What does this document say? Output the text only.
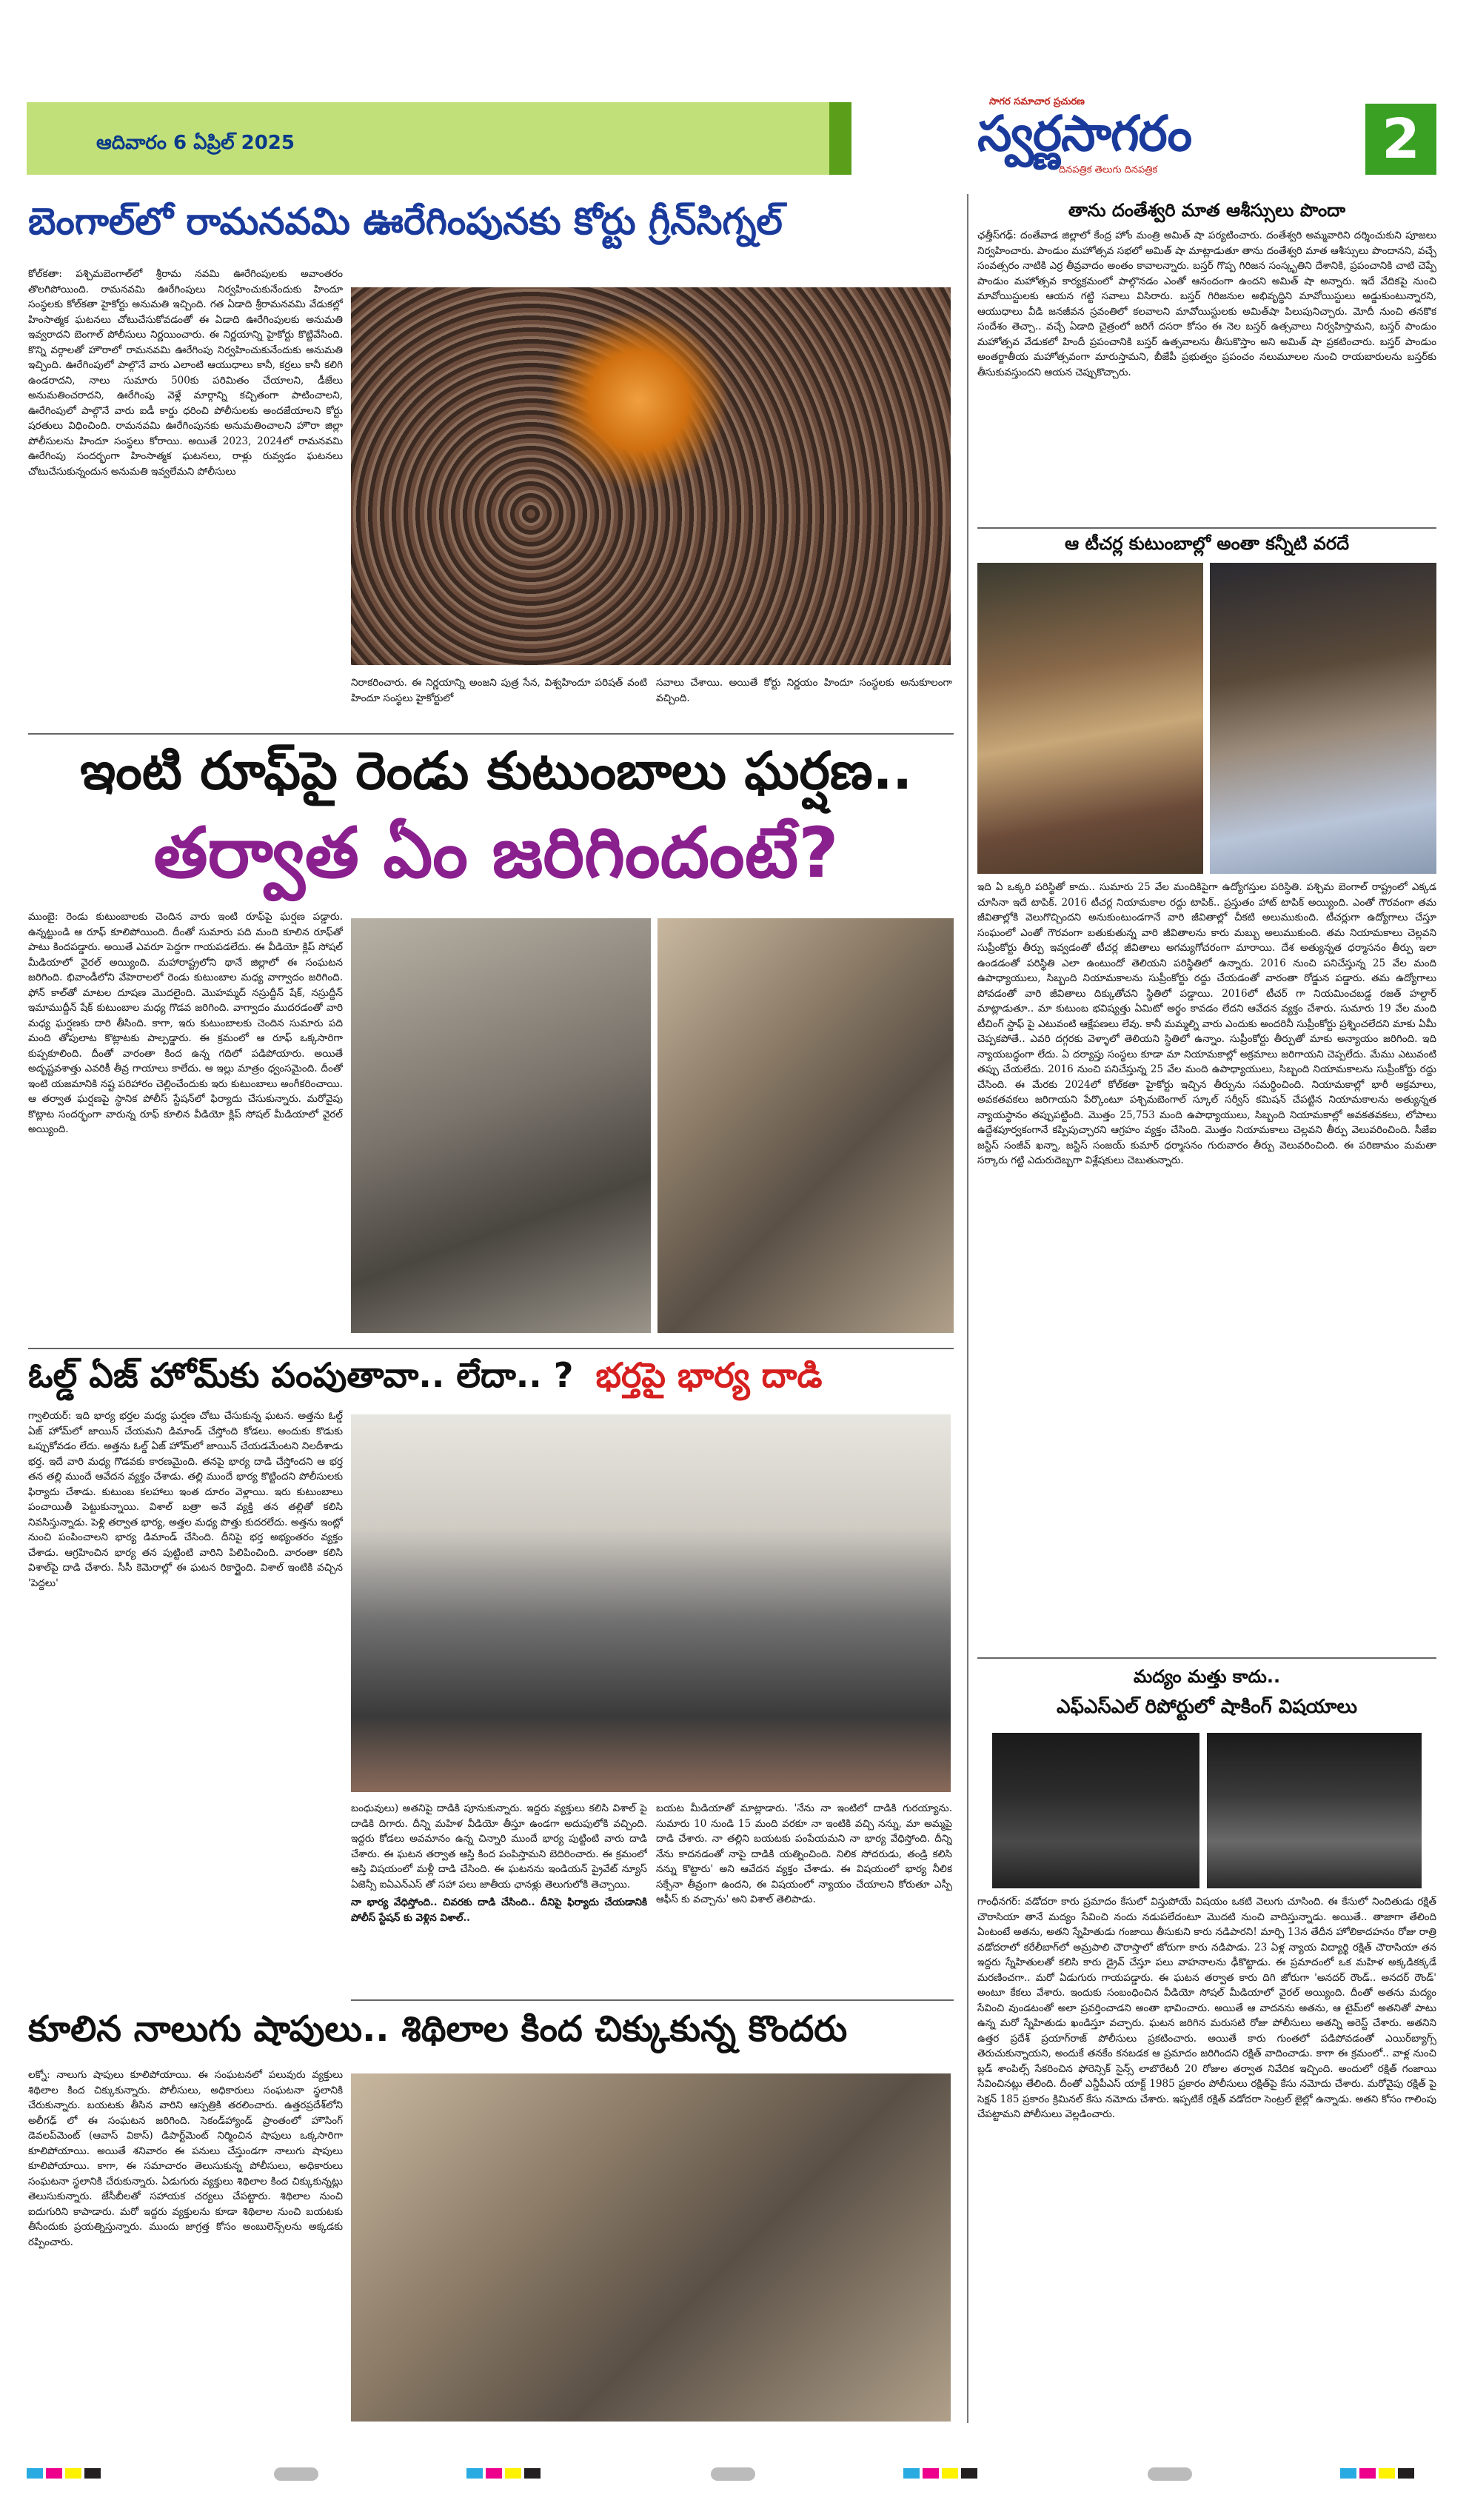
ఆదివారం 6 ఏప్రిల్ 2025
సాగర సమాచార ప్రచురణ
స్వర్ణసాగరం
దినపత్రిక తెలుగు దినపత్రిక	2
బెంగాల్‌లో రామనవమి ఊరేగింపునకు కోర్టు గ్రీన్‌సిగ్నల్
కోల్‌కతా: పశ్చిమబెంగాల్‌లో శ్రీరామ నవమి ఊరేగింపులకు అవాంతరం తొలగిపోయింది. రామనవమి ఊరేగింపులు నిర్వహించుకునేందుకు హిందూ సంస్థలకు కోల్‌కతా హైకోర్టు అనుమతి ఇచ్చింది. గత ఏడాది శ్రీరామనవమి వేడుకల్లో హింసాత్మక ఘటనలు చోటుచేసుకోవడంతో ఈ ఏడాది ఊరేగింపులకు అనుమతి ఇవ్వరాదని బెంగాల్ పోలీసులు నిర్ణయించారు. ఈ నిర్ణయాన్ని హైకోర్టు కొట్టివేసింది. కొన్ని వర్గాలతో హౌరాలో రామనవమి ఊరేగింపు నిర్వహించుకునేందుకు అనుమతి ఇచ్చింది. ఊరేగింపులో పాల్గొనే వారు ఎలాంటి ఆయుధాలు కానీ, కర్రలు కానీ కలిగి ఉండరాదని, నాలు సుమారు 500కు పరిమితం చేయాలని, డీజేలు అనుమతించరాదని, ఊరేగింపు వెళ్లే మార్గాన్ని కచ్చితంగా పాటించాలని, ఊరేగింపులో పాల్గొనే వారు ఐడీ కార్డు ధరించి పోలీసులకు అందజేయాలని కోర్టు షరతులు విధించింది. రామనవమి ఊరేగింపునకు అనుమతించాలని హౌరా జిల్లా పోలీసులను హిందూ సంస్థలు కోరాయి. అయితే 2023, 2024లో రామనవమి ఊరేగింపు సందర్భంగా హింసాత్మక ఘటనలు, రాళ్లు రువ్వడం ఘటనలు చోటుచేసుకున్నందున అనుమతి ఇవ్వలేమని పోలీసులు
నిరాకరించారు. ఈ నిర్ణయాన్ని అంజని పుత్ర సేన, విశ్వహిందూ పరిషత్ వంటి హిందూ సంస్థలు హైకోర్టులో
సవాలు చేశాయి. అయితే కోర్టు నిర్ణయం హిందూ సంస్థలకు అనుకూలంగా వచ్చింది.
ఇంటి రూఫ్‌పై రెండు కుటుంబాలు ఘర్షణ..
తర్వాత ఏం జరిగిందంటే?
ముంబై: రెండు కుటుంబాలకు చెందిన వారు ఇంటి రూఫ్‌పై ఘర్షణ పడ్డారు. ఉన్నట్టుండి ఆ రూఫ్ కూలిపోయింది. దీంతో సుమారు పది మంది కూలిన రూఫ్‌తో పాటు కిందపడ్డారు. అయితే ఎవరూ పెద్దగా గాయపడలేదు. ఈ వీడియో క్లిప్ సోషల్ మీడియాలో వైరల్ అయ్యింది. మహారాష్ట్రలోని థానే జిల్లాలో ఈ సంఘటన జరిగింది. భివాండీలోని వేహెరాలలో రెండు కుటుంబాల మధ్య వాగ్వాదం జరిగింది. ఫోన్ కాల్‌తో మాటల దూషణ మొదలైంది. మొహమ్మద్ నస్రుద్దీన్ షేక్, నస్రుద్దీన్ ఇమాముద్దీన్ షేక్ కుటుంబాల మధ్య గొడవ జరిగింది. వాగ్వాదం ముదరడంతో వారి మధ్య ఘర్షణకు దారి తీసింది. కాగా, ఇరు కుటుంబాలకు చెందిన సుమారు పది మంది తోపులాట కొట్లాటకు పాల్పడ్డారు. ఈ క్రమంలో ఆ రూఫ్ ఒక్కసారిగా కుప్పకూలింది. దీంతో వారంతా కింద ఉన్న గదిలో పడిపోయారు. అయితే అదృష్టవశాత్తు ఎవరికీ తీవ్ర గాయాలు కాలేదు. ఆ ఇల్లు మాత్రం ధ్వంసమైంది. దీంతో ఇంటి యజమానికి నష్ట పరిహారం చెల్లించేందుకు ఇరు కుటుంబాలు అంగీకరించాయి. ఆ తర్వాత ఘర్షణపై స్థానిక పోలీస్ స్టేషన్‌లో ఫిర్యాదు చేసుకున్నారు. మరోవైపు కొట్లాట సందర్భంగా వారున్న రూఫ్ కూలిన వీడియో క్లిప్ సోషల్ మీడియాలో వైరల్ అయ్యింది.
ఓల్డ్ ఏజ్ హోమ్‌కు పంపుతావా.. లేదా.. ? భర్తపై భార్య దాడి
గ్వాలియర్: ఇది భార్య భర్తల మధ్య ఘర్షణ చోటు చేసుకున్న ఘటన. అత్తను ఓల్డ్ ఏజ్ హోమ్‌లో జాయిన్ చేయమని డిమాండ్ చేస్తోంది కోడలు. అందుకు కొడుకు ఒప్పుకోవడం లేదు. అత్తను ఓల్డ్ ఏజ్ హోమ్‌లో జాయిన్ చేయడమేంటని నిలదీశాడు భర్త. ఇదే వారి మధ్య గొడవకు కారణమైంది. తనపై భార్య దాడి చేస్తోందని ఆ భర్త తన తల్లి ముందే ఆవేదన వ్యక్తం చేశాడు. తల్లి ముందే భార్య కొట్టిందని పోలీసులకు ఫిర్యాదు చేశాడు. కుటుంబ కలహాలు ఇంత దూరం వెళ్లాయి. ఇరు కుటుంబాలు పంచాయితీ పెట్టుకున్నాయి. విశాల్ బత్రా అనే వ్యక్తి తన తల్లితో కలిసి నివసిస్తున్నాడు. పెళ్లి తర్వాత భార్య, అత్తల మధ్య పొత్తు కుదరలేదు. అత్తను ఇంట్లో నుంచి పంపించాలని భార్య డిమాండ్ చేసింది. దీనిపై భర్త అభ్యంతరం వ్యక్తం చేశాడు. ఆగ్రహించిన భార్య తన పుట్టింటి వారిని పిలిపించింది. వారంతా కలిసి విశాల్‌పై దాడి చేశారు. సీసీ కెమెరాల్లో ఈ ఘటన రికార్డైంది. విశాల్ ఇంటికి వచ్చిన 'పెద్దలు'
బంధువులు) అతనిపై దాడికి పూనుకున్నారు. ఇద్దరు వ్యక్తులు కలిసి విశాల్ పై దాడికి దిగారు. దీన్ని మహిళ వీడియో తీస్తూ ఉండగా అదుపులోకి వచ్చింది. ఇద్దరు కోడలు అవమానం ఉన్న చిన్నారి ముందే భార్య పుట్టింటి వారు దాడి చేశారు. ఈ ఘటన తర్వాత ఆస్తి కింద పంపిస్తామని బెదిరించారు. ఈ క్రమంలో ఆస్తి విషయంలో మళ్లీ దాడి చేసింది. ఈ ఘటనను ఇండియన్ ప్రైవేట్ న్యూస్ ఏజెన్సీ ఐఏఎన్ఎస్ తో సహా పలు జాతీయ ఛానళ్లు తెలుగులోకి తెచ్చాయి.
నా భార్య వేధిస్తోంది.. చివరకు దాడి చేసింది.. దీనిపై ఫిర్యాదు చేయడానికి పోలీస్ స్టేషన్ కు వెళ్లిన విశాల్..
బయట మీడియాతో మాట్లాడారు. 'నేను నా ఇంటిలో దాడికి గురయ్యాను. సుమారు 10 నుండి 15 మంది వరకూ నా ఇంటికి వచ్చి నన్ను, మా అమ్మపై దాడి చేశారు. నా తల్లిని బయటకు పంపేయమని నా భార్య వేధిస్తోంది. దీన్ని నేను కాదనడంతో నాపై దాడికి యత్నించింది. నిలిక సోదరుడు, తండ్రి కలిసి నన్ను కొట్టారు' అని ఆవేదన వ్యక్తం చేశాడు. ఈ విషయంలో భార్య నీలిక సక్సేనా తీవ్రంగా ఉందని, ఈ విషయంలో న్యాయం చేయాలని కోరుతూ ఎస్పీ ఆఫీస్ కు వచ్చాను' అని విశాల్ తెలిపాడు.
కూలిన నాలుగు షాపులు.. శిథిలాల కింద చిక్కుకున్న కొందరు
లక్నో: నాలుగు షాపులు కూలిపోయాయి. ఈ సంఘటనలో పలువురు వ్యక్తులు శిథిలాల కింద చిక్కుకున్నారు. పోలీసులు, అధికారులు సంఘటనా స్థలానికి చేరుకున్నారు. బయటకు తీసిన వారిని ఆస్పత్రికి తరలించారు. ఉత్తరప్రదేశ్‌లోని అలీగఢ్ లో ఈ సంఘటన జరిగింది. సెకండ్‌హ్యాండ్ ప్రాంతంలో హౌసింగ్ డెవలప్‌మెంట్ (ఆవాస్ వికాస్) డిపార్ట్‌మెంట్ నిర్మించిన షాపులు ఒక్కసారిగా కూలిపోయాయి. అయితే శనివారం ఈ పనులు చేస్తుండగా నాలుగు షాపులు కూలిపోయాయి. కాగా, ఈ సమాచారం తెలుసుకున్న పోలీసులు, అధికారులు సంఘటనా స్థలానికి చేరుకున్నారు. ఏడుగురు వ్యక్తులు శిథిలాల కింద చిక్కుకున్నట్లు తెలుసుకున్నారు. జేసీబీలతో సహాయక చర్యలు చేపట్టారు. శిథిలాల నుంచి ఐదుగురిని కాపాడారు. మరో ఇద్దరు వ్యక్తులను కూడా శిథిలాల నుంచి బయటకు తీసేందుకు ప్రయత్నిస్తున్నారు. ముందు జాగ్రత్త కోసం అంబులెన్స్‌లను అక్కడకు రప్పించారు.
తాను దంతేశ్వరి మాత ఆశీస్సులు పొందా
ఛత్తీస్‌గఢ్: దంతేవాడ జిల్లాలో కేంద్ర హోం మంత్రి అమిత్ షా పర్యటించారు. దంతేశ్వరి అమ్మవారిని దర్శించుకుని పూజలు నిర్వహించారు. పాండుం మహోత్సవ సభలో అమిత్ షా మాట్లాడుతూ తాను దంతేశ్వరి మాత ఆశీస్సులు పొందానని, వచ్చే సంవత్సరం నాటికి ఎర్ర తీవ్రవాదం అంతం కావాలన్నారు. బస్తర్ గొప్ప గిరిజన సంస్కృతిని దేశానికి, ప్రపంచానికి చాటి చెప్పే పాండుం మహోత్సవ కార్యక్రమంలో పాల్గొనడం ఎంతో ఆనందంగా ఉందని అమిత్ షా అన్నారు. ఇదే వేదికపై నుంచి మావోయిస్టులకు ఆయన గట్టి సవాలు విసిరారు. బస్తర్ గిరిజనుల అభివృద్ధిని మావోయిస్టులు అడ్డుకుంటున్నారని, ఆయుధాలు వీడి జనజీవన స్రవంతిలో కలవాలని మావోయిస్టులకు అమిత్‌షా పిలుపునిచ్చారు. మోదీ నుంచి తనకొక సందేశం తెచ్చా.. వచ్చే ఏడాది చైత్రంలో జరిగే దసరా కోసం ఈ నెల బస్తర్ ఉత్సవాలు నిర్వహిస్తామని, బస్తర్ పాండుం మహోత్సవ వేడుకలో హిందీ ప్రపంచానికి బస్తర్ ఉత్సవాలను తీసుకొస్తాం అని అమిత్ షా ప్రకటించారు. బస్తర్ పాండుం అంతర్జాతీయ మహోత్సవంగా మారుస్తామని, బీజేపీ ప్రభుత్వం ప్రపంచం నలుమూలల నుంచి రాయబారులను బస్తర్‌కు తీసుకువస్తుందని ఆయన చెప్పుకొచ్చారు.
ఆ టీచర్ల కుటుంబాల్లో అంతా కన్నీటి వరదే
ఇది ఏ ఒక్కరి పరిస్థితో కాదు.. సుమారు 25 వేల మందికిపైగా ఉద్యోగస్తుల పరిస్థితి. పశ్చిమ బెంగాల్ రాష్ట్రంలో ఎక్కడ చూసినా ఇదే టాపిక్. 2016 టీచర్ల నియామకాల రద్దు టాపిక్.. ప్రస్తుతం హాట్ టాపిక్ అయ్యింది. ఎంతో గౌరవంగా తమ జీవితాల్లోకి వెలుగొచ్చిందని అనుకుంటుండగానే వారి జీవితాల్లో చీకటి అలుముకుంది. టీచర్లుగా ఉద్యోగాలు చేస్తూ సంఘంలో ఎంతో గౌరవంగా బతుకుతున్న వారి జీవితాలను కారు మబ్బు అలుముకుంది. తమ నియామకాలు చెల్లవని సుప్రీంకోర్టు తీర్పు ఇవ్వడంతో టీచర్ల జీవితాలు అగమ్యగోచరంగా మారాయి. దేశ అత్యున్నత ధర్మాసనం తీర్పు ఇలా ఉండడంతో పరిస్థితి ఎలా ఉంటుందో తెలియని పరిస్థితిలో ఉన్నారు. 2016 నుంచి పనిచేస్తున్న 25 వేల మంది ఉపాధ్యాయులు, సిబ్బంది నియామకాలను సుప్రీంకోర్టు రద్దు చేయడంతో వారంతా రోడ్డున పడ్డారు. తమ ఉద్యోగాలు పోవడంతో వారి జీవితాలు దిక్కుతోచని స్థితిలో పడ్డాయి. 2016లో టీచర్ గా నియమించబడ్డ రజత్ హల్దార్ మాట్లాడుతూ.. మా కుటుంబ భవిష్యత్తు ఏమిటో అర్థం కావడం లేదని ఆవేదన వ్యక్తం చేశారు. సుమారు 19 వేల మంది టీచింగ్ స్టాఫ్ పై ఎటువంటి ఆక్షేపణలు లేవు. కానీ మమ్మల్ని వారు ఎందుకు అందరినీ సుప్రీంకోర్టు ప్రశ్నించలేదని మాకు ఏమీ చెప్పకపోతే.. ఎవరి దగ్గరకు వెళ్ళాలో తెలియని స్థితిలో ఉన్నాం. సుప్రీంకోర్టు తీర్పుతో మాకు అన్యాయం జరిగింది. ఇది న్యాయబద్ధంగా లేదు. ఏ దర్యాప్తు సంస్థలు కూడా మా నియామకాల్లో అక్రమాలు జరిగాయని చెప్పలేదు. మేము ఎటువంటి తప్పు చేయలేదు. 2016 నుంచి పనిచేస్తున్న 25 వేల మంది ఉపాధ్యాయులు, సిబ్బంది నియామకాలను సుప్రీంకోర్టు రద్దు చేసింది. ఈ మేరకు 2024లో కోల్‌కతా హైకోర్టు ఇచ్చిన తీర్పును సమర్థించింది. నియామకాల్లో భారీ అక్రమాలు, అవకతవకలు జరిగాయని పేర్కొంటూ పశ్చిమబెంగాల్ స్కూల్ సర్వీస్ కమిషన్ చేపట్టిన నియామకాలను అత్యున్నత న్యాయస్థానం తప్పుపట్టింది. మొత్తం 25,753 మంది ఉపాధ్యాయులు, సిబ్బంది నియామకాల్లో అవకతవకలు, లోపాలు ఉద్దేశపూర్వకంగానే కప్పిపుచ్చారని ఆగ్రహం వ్యక్తం చేసింది. మొత్తం నియామకాలు చెల్లవని తీర్పు వెలువరించింది. సీజేఐ జస్టిస్ సంజీవ్ ఖన్నా, జస్టిస్ సంజయ్ కుమార్ ధర్మాసనం గురువారం తీర్పు వెలువరించింది. ఈ పరిణామం మమతా సర్కారు గట్టి ఎదురుదెబ్బగా విశ్లేషకులు చెబుతున్నారు.
మద్యం మత్తు కాదు..
ఎఫ్ఎస్ఎల్ రిపోర్టులో షాకింగ్ విషయాలు
గాంధీనగర్: వడోదరా కారు ప్రమాదం కేసులో విస్తుపోయే విషయం ఒకటి వెలుగు చూసింది. ఈ కేసులో నిందితుడు రక్షిత్ చౌరాసియా తానే మద్యం సేవించి నందు నడుపలేదంటూ మొదటి నుంచి వాదిస్తున్నాడు. అయితే.. తాజాగా తేలింది ఏంటంటే అతను, అతని స్నేహితుడు గంజాయి తీసుకుని కారు నడిపారని! మార్చి 13న తేదీన హోలికాదహనం రోజు రాత్రి వడోదరాలో కరేలీబాగ్‌లో అమ్రపాలి చౌరాస్తాలో జోరుగా కారు నడిపాడు. 23 ఏళ్ల న్యాయ విద్యార్థి రక్షిత్ చౌరాసియా తన ఇద్దరు స్నేహితులతో కలిసి కారు డ్రైవ్ చేస్తూ పలు వాహనాలను ఢీకొట్టాడు. ఈ ప్రమాదంలో ఒక మహిళ అక్కడికక్కడే మరణించగా.. మరో ఏడుగురు గాయపడ్డారు. ఈ ఘటన తర్వాత కారు దిగి జోరుగా 'అనదర్ రౌండ్.. అనదర్ రౌండ్' అంటూ కేకలు వేశారు. ఇందుకు సంబంధించిన వీడియో సోషల్ మీడియాలో వైరల్ అయ్యింది. దీంతో అతను మద్యం సేవించి వుండటంతో అలా ప్రవర్తించాడని అంతా భావించారు. అయితే ఆ వాదనను అతను, ఆ టైమ్‌లో అతనితో పాటు ఉన్న మరో స్నేహితుడు ఖండిస్తూ వచ్చారు. ఘటన జరిగిన మరుసటి రోజు పోలీసులు అతన్ని అరెస్ట్ చేశారు. అతనిని ఉత్తర ప్రదేశ్ ప్రయాగ్‌రాజ్ పోలీసులు ప్రకటించారు. అయితే కారు గుంతలో పడిపోవడంతో ఎయిర్‌బ్యాగ్స్ తెరుచుకున్నాయని, అందుకే తనకేం కనబడక ఆ ప్రమాదం జరిగిందని రక్షిత్ వాదించాడు. కాగా ఈ క్రమంలో.. వాళ్ల నుంచి బ్లడ్ శాంపిల్స్ సేకరించిన ఫోరెన్సిక్ సైన్స్ లాబొరేటరీ 20 రోజుల తర్వాత నివేదిక ఇచ్చింది. అందులో రక్షిత్ గంజాయి సేవించినట్లు తేలింది. దీంతో ఎన్డీపీఎస్ యాక్ట్ 1985 ప్రకారం పోలీసులు రక్షిత్‌పై కేసు నమోదు చేశారు. మరోవైపు రక్షిత్ పై సెక్షన్ 185 ప్రకారం క్రిమినల్ కేసు నమోదు చేశారు. ఇప్పటికే రక్షిత్ వడోదరా సెంట్రల్ జైల్లో ఉన్నాడు. అతని కోసం గాలింపు చేపట్టామని పోలీసులు వెల్లడించారు.
